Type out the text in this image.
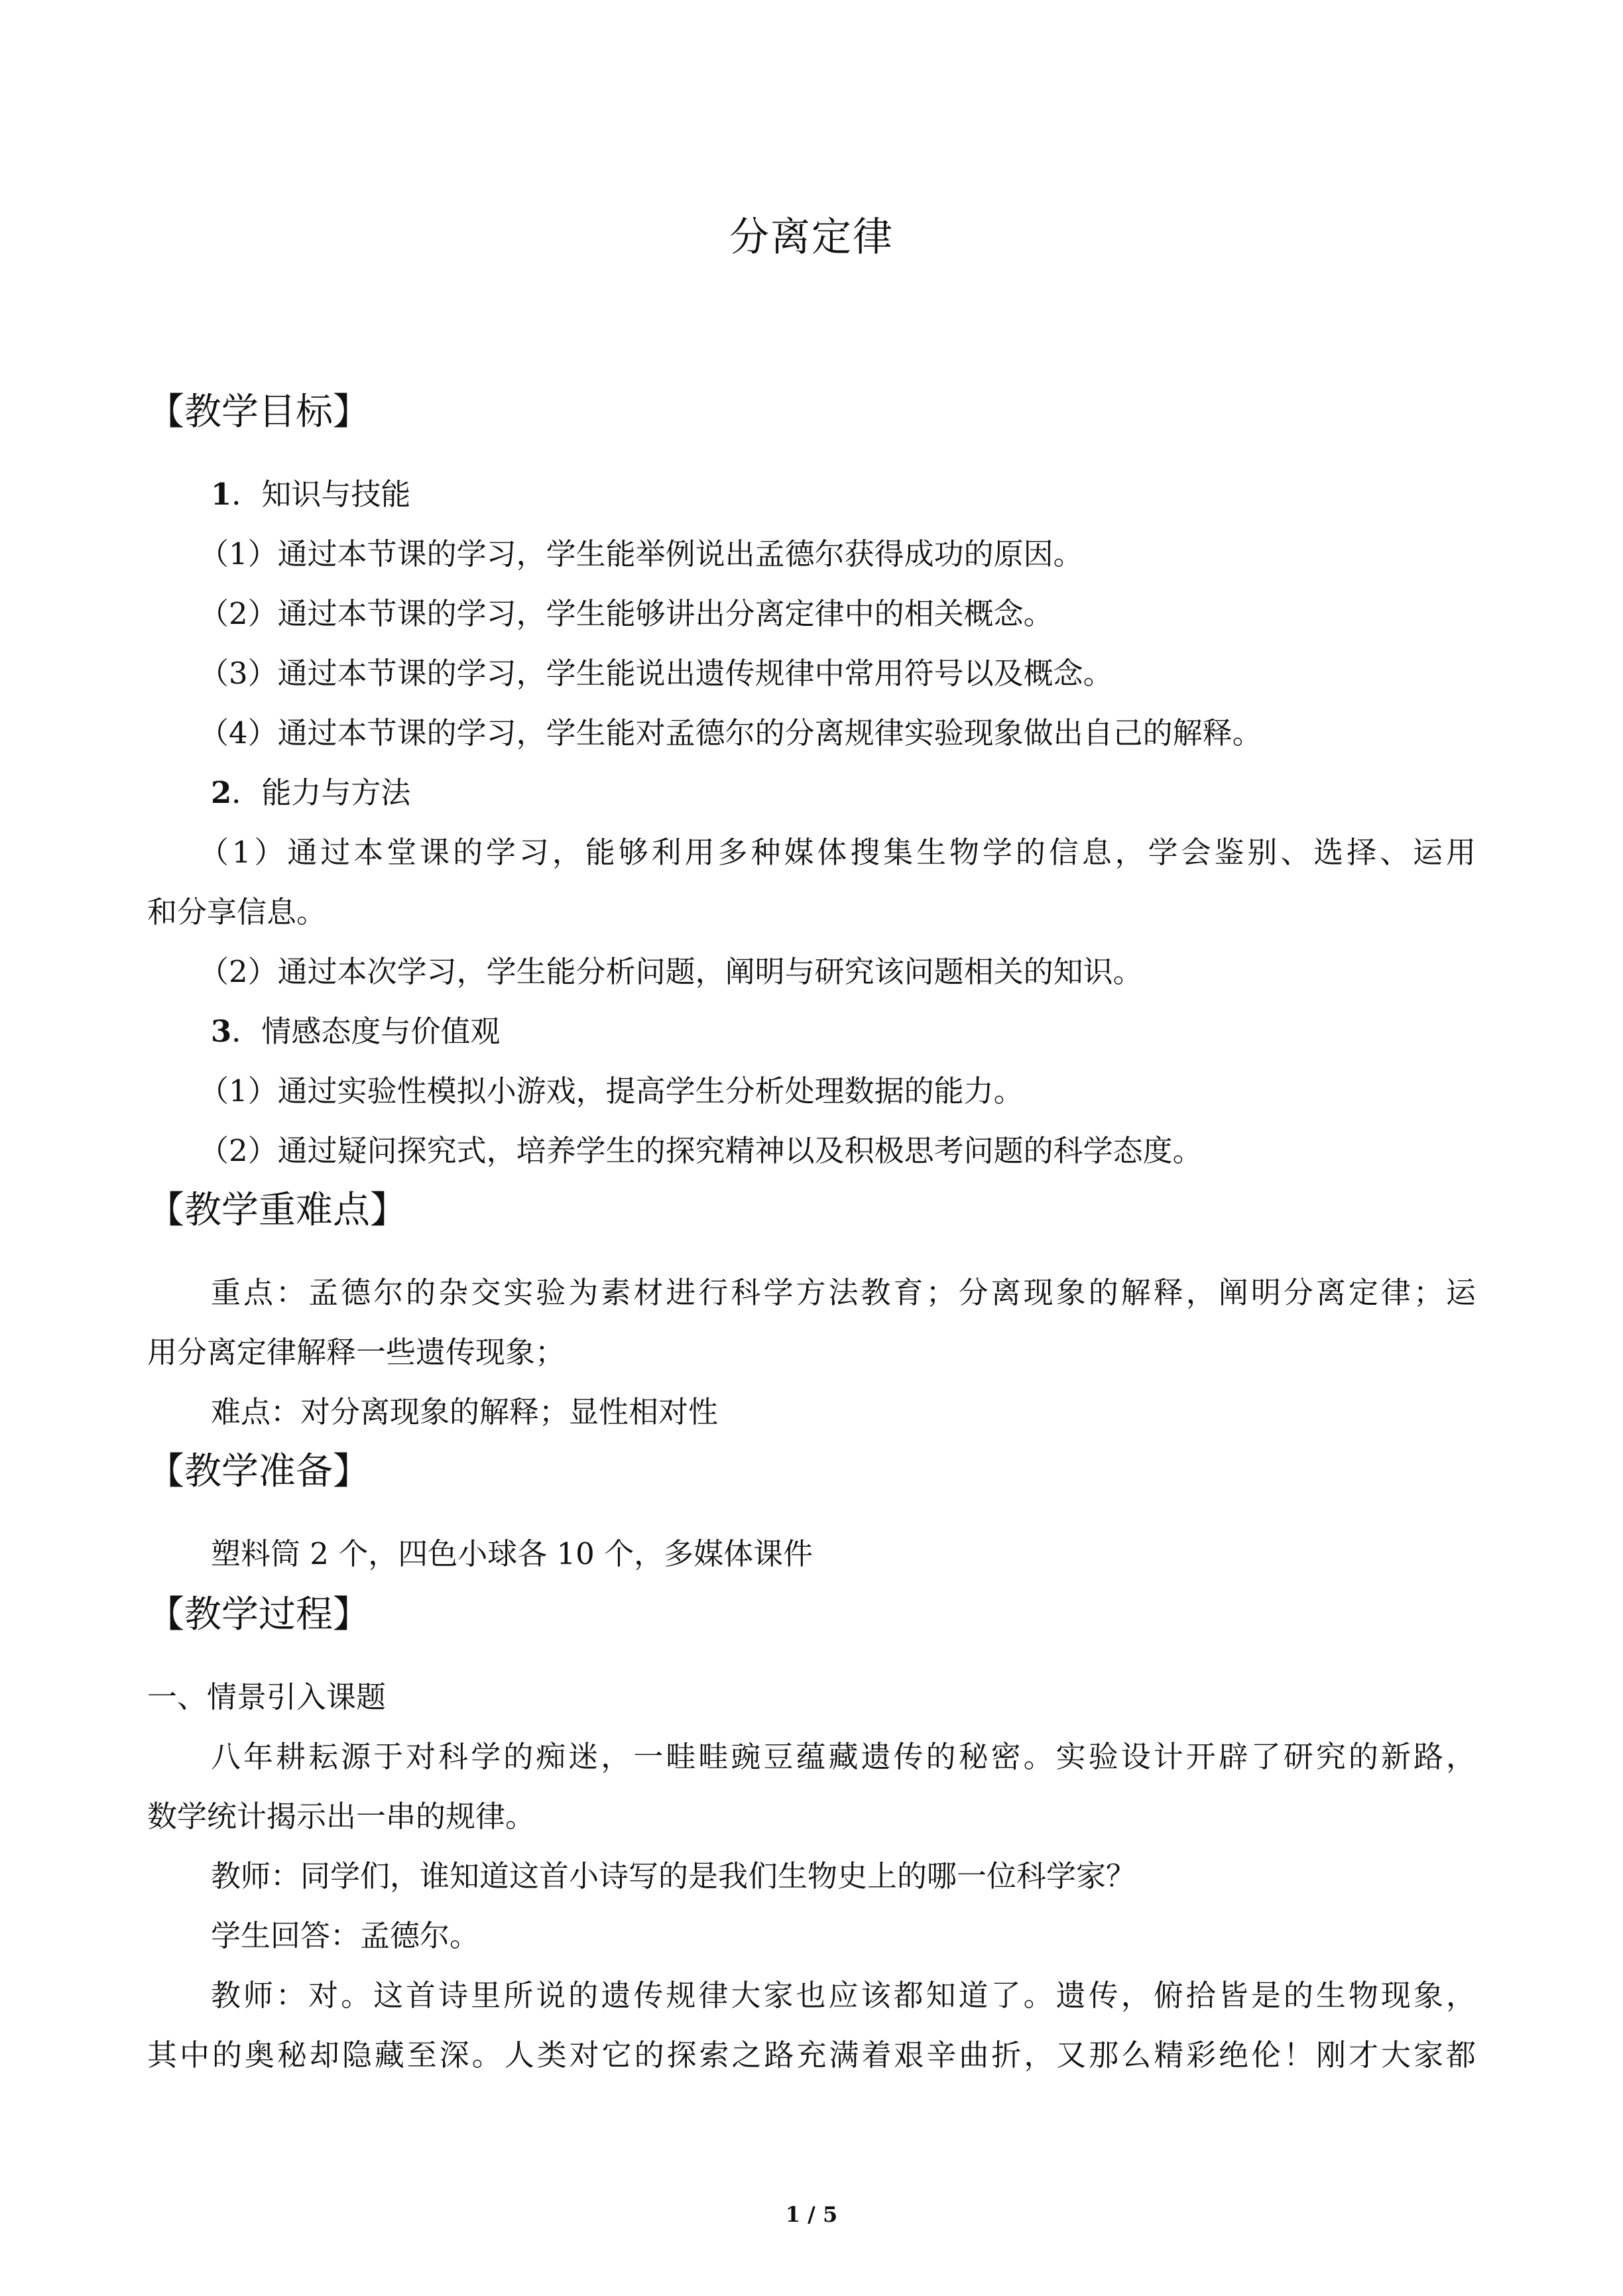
分离定律
【教学目标】
1．知识与技能
（1）通过本节课的学习，学生能举例说出孟德尔获得成功的原因。
（2）通过本节课的学习，学生能够讲出分离定律中的相关概念。
（3）通过本节课的学习，学生能说出遗传规律中常用符号以及概念。
（4）通过本节课的学习，学生能对孟德尔的分离规律实验现象做出自己的解释。
2．能力与方法
（1）通过本堂课的学习，能够利用多种媒体搜集生物学的信息，学会鉴别、选择、运用
和分享信息。
（2）通过本次学习，学生能分析问题，阐明与研究该问题相关的知识。
3．情感态度与价值观
（1）通过实验性模拟小游戏，提高学生分析处理数据的能力。
（2）通过疑问探究式，培养学生的探究精神以及积极思考问题的科学态度。
【教学重难点】
重点：孟德尔的杂交实验为素材进行科学方法教育；分离现象的解释，阐明分离定律；运
用分离定律解释一些遗传现象；
难点：对分离现象的解释；显性相对性
【教学准备】
塑料筒 2 个，四色小球各 10 个，多媒体课件
【教学过程】
一、情景引入课题
八年耕耘源于对科学的痴迷，一畦畦豌豆蕴藏遗传的秘密。实验设计开辟了研究的新路，
数学统计揭示出一串的规律。
教师：同学们，谁知道这首小诗写的是我们生物史上的哪一位科学家？
学生回答：孟德尔。
教师：对。这首诗里所说的遗传规律大家也应该都知道了。遗传，俯拾皆是的生物现象，
其中的奥秘却隐藏至深。人类对它的探索之路充满着艰辛曲折，又那么精彩绝伦！刚才大家都
1 / 5
